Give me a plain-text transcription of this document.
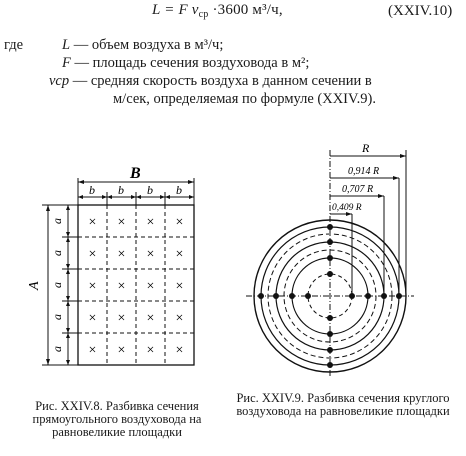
L = F $v_{ср} \cdot 3600$ м³/ч,	(XXIV.10)
где	L — объем воздуха в м³/ч;
F — площадь сечения воздуховода в м²;
vср — средняя скорость воздуха в данном сечении в
м/сек, определяемая по формуле (XXIV.9).
B
b b b b
A
a
a
a
a
a
× × × ×
× × × ×
× × × ×
× × × ×
× × × ×
R
0,914 R
0,707 R
0,409 R
Рис. XXIV.8. Разбивка сечения прямоугольного воздуховода на равновеликие площадки
Рис. XXIV.9. Разбивка сечения круглого воздуховода на равновеликие площадки
